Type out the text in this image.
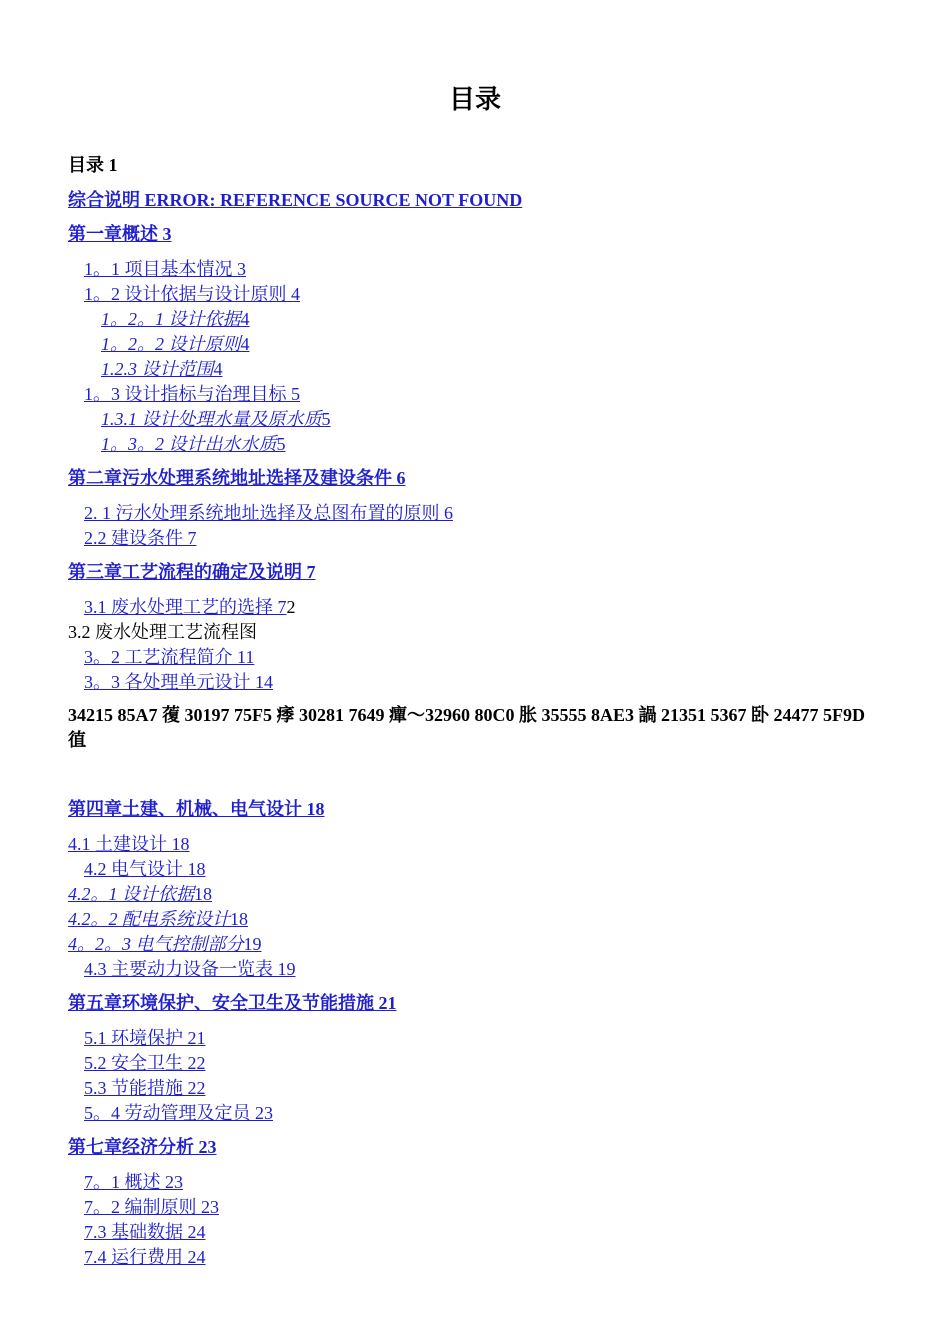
目录
目录 1
综合说明 ERROR: REFERENCE SOURCE NOT FOUND
第一章概述 3
1。1 项目基本情况 3
1。2 设计依据与设计原则 4
1。2。1 设计依据4
1。2。2 设计原则4
1.2.3 设计范围4
1。3 设计指标与治理目标 5
1.3.1 设计处理水量及原水质5
1。3。2 设计出水水质5
第二章污水处理系统地址选择及建设条件 6
2. 1 污水处理系统地址选择及总图布置的原则 6
2.2 建设条件 7
第三章工艺流程的确定及说明 7
3.1 废水处理工艺的选择 72
3.2 废水处理工艺流程图
3。2 工艺流程简介 11
3。3 各处理单元设计 14
34215 85A7 蕧 30197 75F5 痵 30281 7649 癉～32960 80C0 胀 35555 8AE3 諣 21351 5367 卧 24477 5F9D 徝
第四章土建、机械、电气设计 18
4.1 土建设计 18
4.2 电气设计 18
4.2。1 设计依据18
4.2。2 配电系统设计18
4。2。3 电气控制部分19
4.3 主要动力设备一览表 19
第五章环境保护、安全卫生及节能措施 21
5.1 环境保护 21
5.2 安全卫生 22
5.3 节能措施 22
5。4 劳动管理及定员 23
第七章经济分析 23
7。1 概述 23
7。2 编制原则 23
7.3 基础数据 24
7.4 运行费用 24
